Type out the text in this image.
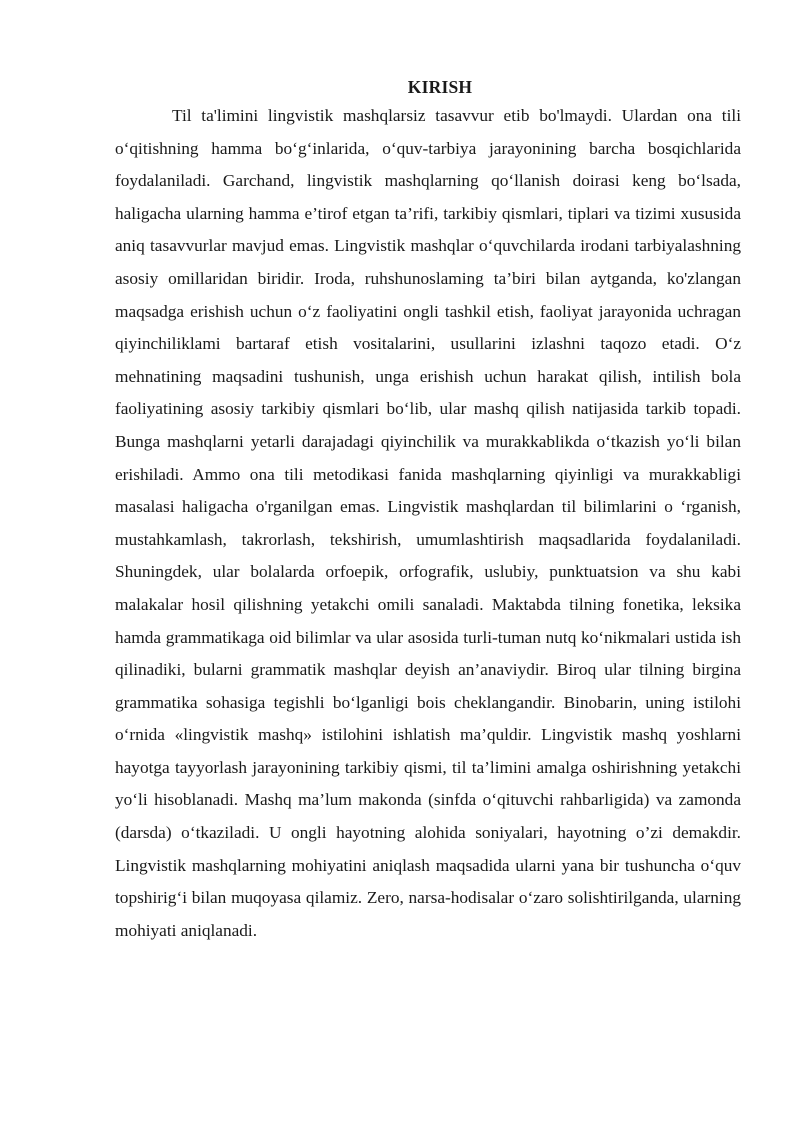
KIRISH

Til ta'limini lingvistik mashqlarsiz tasavvur etib bo'lmaydi. Ulardan ona tili o‘qitishning hamma bo‘g‘inlarida, o‘quv-tarbiya jarayonining barcha bosqichlarida foydalaniladi. Garchand, lingvistik mashqlarning qo‘llanish doirasi keng bo‘lsada, haligacha ularning hamma e’tirof etgan ta’rifi, tarkibiy qismlari, tiplari va tizimi xususida aniq tasavvurlar mavjud emas. Lingvistik mashqlar o‘quvchilarda irodani tarbiyalashning asosiy omillaridan biridir. Iroda, ruhshunoslaming ta’biri bilan aytganda, ko'zlangan maqsadga erishish uchun o‘z faoliyatini ongli tashkil etish, faoliyat jarayonida uchragan qiyinchiliklami bartaraf etish vositalarini, usullarini izlashni taqozo etadi. O‘z mehnatining maqsadini tushunish, unga erishish uchun harakat qilish, intilish bola faoliyatining asosiy tarkibiy qismlari bo‘lib, ular mashq qilish natijasida tarkib topadi. Bunga mashqlarni yetarli darajadagi qiyinchilik va murakkablikda o‘tkazish yo‘li bilan erishiladi. Ammo ona tili metodikasi fanida mashqlarning qiyinligi va murakkabligi masalasi haligacha o'rganilgan emas. Lingvistik mashqlardan til bilimlarini o ‘rganish, mustahkamlash, takrorlash, tekshirish, umumlashtirish maqsadlarida foydalaniladi. Shuningdek, ular bolalarda orfoepik, orfografik, uslubiy, punktuatsion va shu kabi malakalar hosil qilishning yetakchi omili sanaladi. Maktabda tilning fonetika, leksika hamda grammatikaga oid bilimlar va ular asosida turli-tuman nutq ko‘nikmalari ustida ish qilinadiki, bularni grammatik mashqlar deyish an’anaviydir. Biroq ular tilning birgina grammatika sohasiga tegishli bo‘lganligi bois cheklangandir. Binobarin, uning istilohi o‘rnida «lingvistik mashq» istilohini ishlatish ma’quldir. Lingvistik mashq yoshlarni hayotga tayyorlash jarayonining tarkibiy qismi, til ta’limini amalga oshirishning yetakchi yo‘li hisoblanadi. Mashq ma’lum makonda (sinfda o‘qituvchi rahbarligida) va zamonda (darsda) o‘tkaziladi. U ongli hayotning alohida soniyalari, hayotning o’zi demakdir. Lingvistik mashqlarning mohiyatini aniqlash maqsadida ularni yana bir tushuncha o‘quv topshirig‘i bilan muqoyasa qilamiz. Zero, narsa-hodisalar o‘zaro solishtirilganda, ularning mohiyati aniqlanadi.
